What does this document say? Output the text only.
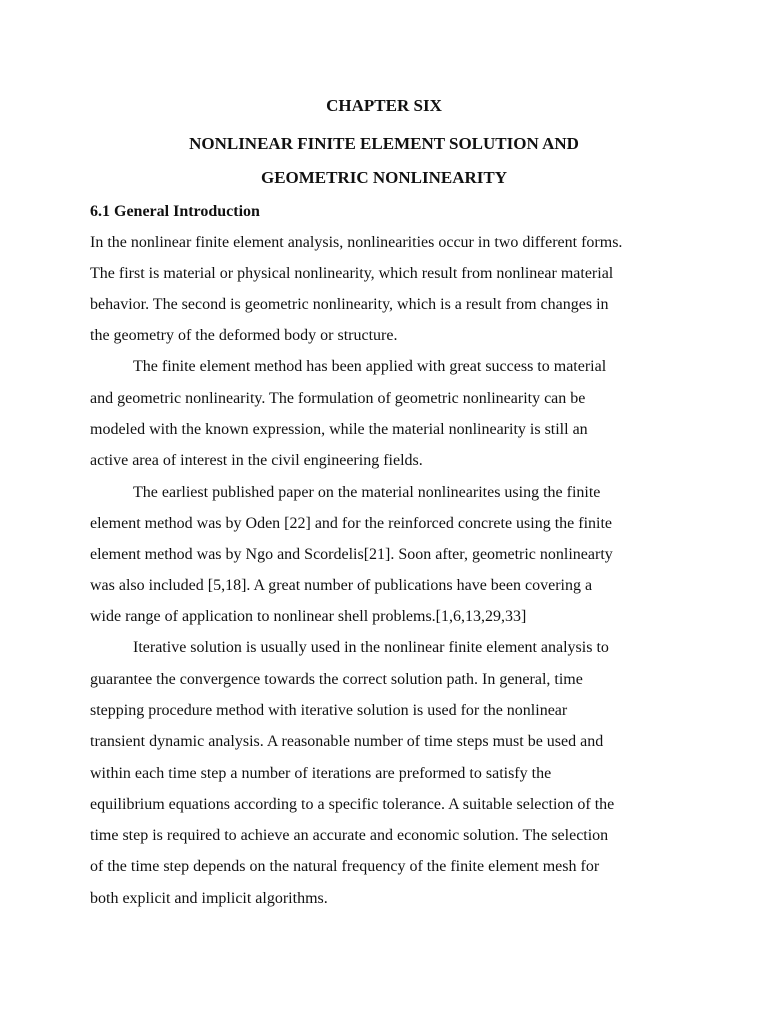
CHAPTER SIX
NONLINEAR FINITE ELEMENT SOLUTION AND
GEOMETRIC NONLINEARITY
6.1 General Introduction

In the nonlinear finite element analysis, nonlinearities occur in two different forms.

The first is material or physical nonlinearity, which result from nonlinear material

behavior. The second is geometric nonlinearity, which is a result from changes in

the geometry of the deformed body or structure.

The finite element method has been applied with great success to material

and geometric nonlinearity. The formulation of geometric nonlinearity can be

modeled with the known expression, while the material nonlinearity is still an

active area of interest in the civil engineering fields.

The earliest published paper on the material nonlinearites using the finite

element method was by Oden [22] and for the reinforced concrete using the finite

element method was by Ngo and Scordelis[21]. Soon after, geometric nonlinearty

was also included [5,18]. A great number of publications have been covering a

wide range of application to nonlinear shell problems.[1,6,13,29,33]

Iterative solution is usually used in the nonlinear finite element analysis to

guarantee the convergence towards the correct solution path. In general, time

stepping procedure method with iterative solution is used for the nonlinear

transient dynamic analysis. A reasonable number of time steps must be used and

within each time step a number of iterations are preformed to satisfy the

equilibrium equations according to a specific tolerance. A suitable selection of the

time step is required to achieve an accurate and economic solution. The selection

of the time step depends on the natural frequency of the finite element mesh for

both explicit and implicit algorithms.
